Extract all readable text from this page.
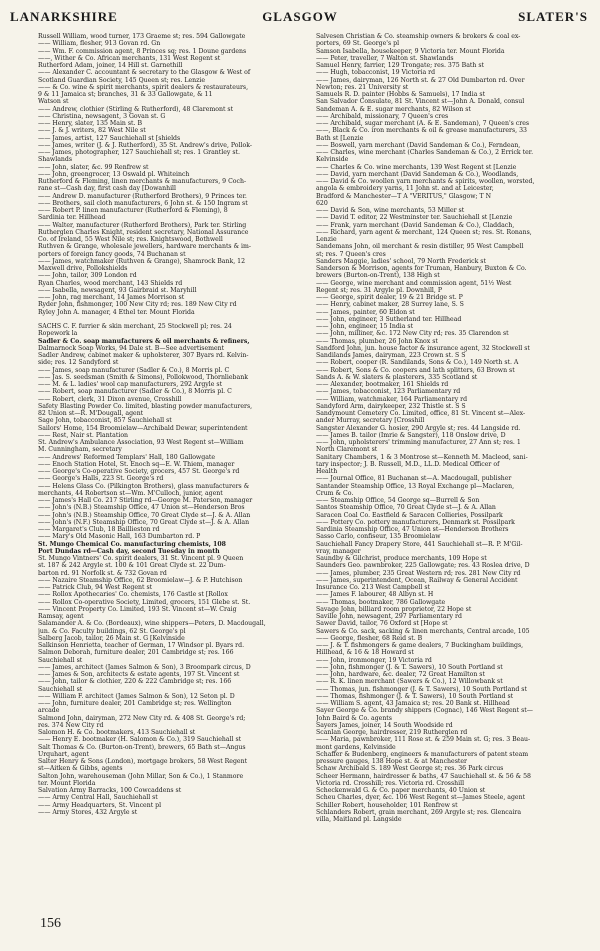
LANARKSHIRE	GLASGOW	SLATER'S

Russell William, wood turner, 173 Graeme st; res. 594 Gallowgate

—— William, flesher, 913 Govan rd. Gn

—— Wm. F. commission agent, 8 Princes sq; res. 1 Doune gardens

——, Wither & Co. African merchants, 131 West Regent st

Rutherford Adam, joiner, 14 Hill st. Garnethill

—— Alexander C. accountant & secretary to the Glasgow & West of

Scotland Guardian Society, 145 Queen st; res. Lenzie

—— & Co. wine & spirit merchants, spirit dealers & restaurateurs,

9 & 11 Jamaica st; branches, 31 & 33 Gallowgate, & 11

Watson st

—— Andrew, clothier (Stirling & Rutherford), 48 Claremont st

—— Christina, newsagent, 3 Govan st. G

—— Henry, slater, 135 Main st. B

—— J. & J. writers, 82 West Nile st

—— James, artist, 127 Sauchiehall st [shields

—— James, writer (J. & J. Rutherford), 35 St. Andrew's drive, Pollok-

—— James, photographer, 127 Sauchiehall st; res. 1 Grantley st.

Shawlands

—— John, slater, &c. 99 Renfrew st

—— John, greengrocer, 13 Oswald pl. Whiteinch

Rutherford & Fleming, linen merchants & manufacturers, 9 Coch-

rane st—Cash day, first cash day [Dowanhill

—— Andrew D. manufacturer (Rutherford Brothers), 9 Princes ter.

—— Brothers, sail cloth manufacturers, 6 John st. & 150 Ingram st

—— Robert P. linen manufacturer (Rutherford & Fleming), 8

Sardinia ter. Hillhead

—— Walter, manufacturer (Rutherford Brothers), Park ter. Stirling

Rutherglen Charles Knight, resident secretary, National Assurance

Co. of Ireland, 55 West Nile st; res. Knightswood, Bothwell

Ruthven & Grange, wholesale jewellers, hardware merchants & im-

porters of foreign fancy goods, 74 Buchanan st

—— James, watchmaker (Ruthven & Grange), Shamrock Bank, 12

Maxwell drive, Pollokshields

—— John, tailor, 309 London rd

Ryan Charles, wood merchant, 143 Shields rd

—— Isabella, newsagent, 93 Gairbraid st. Maryhill

—— John, rag merchant, 14 James Morrison st

Ryder John, fishmonger, 100 New City rd; res. 189 New City rd

Ryley John A. manager, 4 Ethel ter. Mount Florida

SACHS C. F. furrier & skin merchant, 25 Stockwell pl; res. 24

Ropework la

Sadler & Co. soap manufacturers & oil merchants & refiners,

Dalmarnock Soap Works, 94 Dale st. B—See advertisement

Sadler Andrew, cabinet maker & upholsterer, 307 Byars rd. Kelvin-

side; res. 12 Sandyford st

—— James, soap manufacturer (Sadler & Co.), 8 Morris pl. C

—— Jas. S. seedsman (Smith & Simons), Pollokwood, Thornliebank

—— M. & L. ladies' wool cap manufacturers, 292 Argyle st

—— Robert, soap manufacturer (Sadler & Co.), 8 Morris pl. C

—— Robert, clerk, 31 Dixon avenue, Crosshill

Safety Blasting Powder Co. limited, blasting powder manufacturers,

82 Union st—R. M'Dougall, agent

Sage John, tobacconist, 857 Sauchiehall st

Sailors' Home, 154 Broomielaw—Archibald Dewar, superintendent

—— Rest, Nair st. Plantation

St. Andrew's Ambulance Association, 93 West Regent st—William

M. Cunningham, secretary

—— Andrews' Reformed Templars' Hall, 180 Gallowgate

—— Enoch Station Hotel, St. Enoch sq—E. W. Thiem, manager

—— George's Co-operative Society, grocers, 457 St. George's rd

—— George's Halls, 223 St. George's rd

—— Helens Glass Co. (Pilkington Brothers), glass manufacturers &

merchants, 44 Robertson st—Wm. M'Culloch, junior, agent

—— James's Hall Co. 217 Stirling rd—George M. Paterson, manager

—— John's (N.B.) Steamship Office, 47 Union st—Henderson Bros

—— John's (N.B.) Steamship Office, 70 Great Clyde st—J. & A. Allan

—— John's (N.F.) Steamship Office, 70 Great Clyde st—J. & A. Allan

—— Margaret's Club, 18 Baillieston rd

—— Mary's Old Masonic Hall, 163 Dumbarton rd. P

St. Mungo Chemical Co. manufacturing chemists, 108

Port Dundas rd—Cash day, second Tuesday in month

St. Mungo Vintners' Co. spirit dealers, 31 St. Vincent pl. 9 Queen

st. 187 & 242 Argyle st. 100 & 101 Great Clyde st. 22 Dum-

barton rd. 91 Norfolk st. & 732 Govan rd

—— Nazaire Steamship Office, 62 Broomielaw—J. & P. Hutchison

—— Patrick Club, 94 West Regent st

—— Rollox Apothecaries' Co. chemists, 176 Castle st [Rollox

—— Rollox Co-operative Society, Limited, grocers, 151 Glebe st. St.

—— Vincent Property Co. Limited, 193 St. Vincent st—W. Craig

Ramsay, agent

Salamander A. & Co. (Bordeaux), wine shippers—Peters, D. Macdougall,

jun. & Co. Faculty buildings, 62 St. George's pl

Salberg Jacob, tailor, 26 Main st. G [Kelvinside

Salkinson Henrietta, teacher of German, 17 Windsor pl. Byars rd.

Salmon Deborah, furniture dealer, 201 Cambridge st; res. 166

Sauchiehall st

—— James, architect (James Salmon & Son), 3 Broompark circus, D

—— James & Son, architects & estate agents, 197 St. Vincent st

—— John, tailor & clothier, 220 & 222 Cambridge st; res. 166

Sauchiehall st

—— William F. architect (James Salmon & Son), 12 Seton pl. D

—— John, furniture dealer, 201 Cambridge st; res. Wellington

arcade

Salmond John, dairyman, 272 New City rd. & 408 St. George's rd;

res. 374 New City rd

Salomon H. & Co. bootmakers, 413 Sauchiehall st

—— Henry E. bootmaker (H. Salomon & Co.), 319 Sauchiehall st

Salt Thomas & Co. (Burton-on-Trent), brewers, 65 Bath st—Angus

Urquhart, agent

Salter Henry & Sons (London), mortgage brokers, 58 West Regent

st—Aitken & Gibbs, agents

Salton John, warehouseman (John Millar, Son & Co.), 1 Stanmore

ter. Mount Florida

Salvation Army Barracks, 100 Cowcaddens st

—— Army Central Hall, Sauchiehall st

—— Army Headquarters, St. Vincent pl

—— Army Stores, 432 Argyle st

Salvesen Christian & Co. steamship owners & brokers & coal ex-

porters, 69 St. George's pl

Samson Isabella, housekeeper, 9 Victoria ter. Mount Florida

—— Peter, traveller, 7 Walton st. Shawlands

Samuel Henry, farrier, 129 Trongate; res. 375 Bath st

—— Hugh, tobacconist, 19 Victoria rd

—— James, dairyman, 126 North st. & 27 Old Dumbarton rd. Over

Newton; res. 21 University st

Samuels R. D. painter (Hobbs & Samuels), 17 India st

San Salvador Consulate, 81 St. Vincent st—John A. Donald, consul

Sandeman A. & E. sugar merchants, 82 Wilson st

—— Archibald, missionary, 7 Queen's cres

—— Archibald, sugar merchant (A. & E. Sandeman), 7 Queen's cres

——, Black & Co. iron merchants & oil & grease manufacturers, 33

Bath st [Lenzie

—— Boswell, yarn merchant (David Sandeman & Co.), Ferndean,

—— Charles, wine merchant (Charles Sandeman & Co.), 2 Errick ter.

Kelvinside

—— Charles & Co. wine merchants, 139 West Regent st [Lenzie

—— David, yarn merchant (David Sandeman & Co.), Woodlands,

—— David & Co. woollen yarn merchants & spirits, woollen, worsted,

angola & embroidery yarns, 11 John st. and at Leicester,

Bradford & Manchester—T A "VERITUS," Glasgow; T N

620

—— David & Son, wine merchants, 53 Miller st

—— David T. editor, 22 Westminster ter. Sauchiehall st [Lenzie

—— Frank, yarn merchant (David Sandeman & Co.), Claddach,

—— Richard, yarn agent & merchant, 124 Queen st; res. St. Ronans,

Lenzie

Sandemans John, oil merchant & resin distiller, 95 West Campbell

st; res. 7 Queen's cres

Sanders Maggie, ladies' school, 79 North Frederick st

Sanderson & Morrison, agents for Truman, Hanbury, Buxton & Co.

brewers (Burton-on-Trent), 138 High st

—— George, wine merchant and commission agent, 51½ West

Regent st; res. 31 Argyle pl. Downhill, P

—— George, spirit dealer, 19 & 21 Bridge st. P

—— Henry, cabinet maker, 28 Surrey lane, S. S

—— James, painter, 60 Eldon st

—— John, engineer, 3 Sutherland ter. Hillhead

—— John, engineer, 15 India st

—— John, milliner, &c. 172 New City rd; res. 35 Clarendon st

—— Thomas, plumber, 26 John Knox st

Sandford John, jun. house factor & insurance agent, 32 Stockwell st

Sandilands James, dairyman, 223 Crown st. S S

—— Robert, cooper (R. Sandilands, Sons & Co.), 149 North st. A

—— Robert, Sons & Co. coopers and lath splitters, 63 Brown st

Sands A. & W. slaters & plasterers, 335 Scotland st

—— Alexander, bootmaker, 161 Shields rd

—— James, tobacconist, 123 Parliamentary rd

—— William, watchmaker, 164 Parliamentary rd

Sandyford Arm, dairykeeper, 232 Thistle st. S S

Sandymount Cemetery Co. Limited, office, 81 St. Vincent st—Alex-

ander Murray, secretary [Crosshill

Sangster Alexander G. hosier, 290 Argyle st; res. 44 Langside rd.

—— James B. tailor (Imrie & Sangster), 118 Onslow drive, D

—— John, upholsterers' trimming manufacturer, 27 Ann st; res. 1

North Claremont st

Sanitary Chambers, 1 & 3 Montrose st—Kenneth M. Macleod, sani-

tary inspector; J. B. Russell, M.D., LL.D. Medical Officer of

Health

—— Journal Office, 81 Buchanan st—A. Macdougall, publisher

Santander Steamship Office, 13 Royal Exchange pl—Maclaren,

Crum & Co.

—— Steamship Office, 54 George sq—Burrell & Son

Santos Steamship Office, 70 Great Clyde st—J. & A. Allan

Saracen Coal Co. Eastfield & Saracen Collieries, Possilpark

—— Pottery Co. pottery manufacturers, Denmark st. Possilpark

Sardinia Steamship Office, 47 Union st—Henderson Brothers

Sasso Carlo, confiseur, 135 Broomielaw

Sauchiehall Fancy Drapery Store, 441 Sauchiehall st—R. P. M'Gil-

vray, manager

Saundby & Gilchrist, produce merchants, 109 Hope st

Saunders Geo. pawnbroker, 225 Gallowgate; res. 43 Roslea drive, D

—— James, plumber, 235 Great Western rd; res. 281 New City rd

—— James, superintendent, Ocean, Railway & General Accident

Insurance Co. 213 West Campbell st

—— James F. labourer, 48 Albyn st. H

—— Thomas, bootmaker, 786 Gallowgate

Savage John, billiard room proprietor, 22 Hope st

Saville John, newsagent, 297 Parliamentary rd

Sawer David, tailor, 76 Oxford st [Hope st

Sawers & Co. sack, sacking & linen merchants, Central arcade, 105

—— George, flesher, 68 Reid st. B

—— J. & T. fishmongers & game dealers, 7 Buckingham buildings,

Hillhead, & 16 & 18 Howard st

—— John, ironmonger, 19 Victoria rd

—— John, fishmonger (J. & T. Sawers), 10 South Portland st

—— John, hardware, &c. dealer, 72 Great Hamilton st

—— R. K. linen merchant (Sawers & Co.), 12 Willowbank st

—— Thomas, jun. fishmonger (J. & T. Sawers), 10 South Portland st

—— Thomas, fishmonger (J. & T. Sawers), 10 South Portland st

—— William S. agent, 43 Jamaica st; res. 20 Bank st. Hillhead

Sayer George & Co. brandy shippers (Cognac), 146 West Regent st—

John Baird & Co. agents

Sayers James, joiner, 14 South Woodside rd

Scanlan George, hairdresser, 219 Rutherglen rd

—— Maria, pawnbroker, 111 Rose st. & 259 Main st. G; res. 3 Beau-

mont gardens, Kelvinside

Schaffer & Budenberg, engineers & manufacturers of patent steam

pressure gauges, 138 Hope st. & at Manchester

Schaw Archibald S. 189 West George st; res. 36 Park circus

Scheer Hermann, hairdresser & baths, 47 Sauchiehall st. & 56 & 58

Victoria rd. Crosshill; res. Victoria rd. Crosshill

Scheckenwald G. & Co. paper merchants, 40 Union st

Scheu Charles, dyer, &c. 106 West Regent st—James Steele, agent

Schiller Robert, householder, 101 Renfrew st

Schlanders Robert, grain merchant, 269 Argyle st; res. Glencaira

villa, Maitland pl. Langside

156
